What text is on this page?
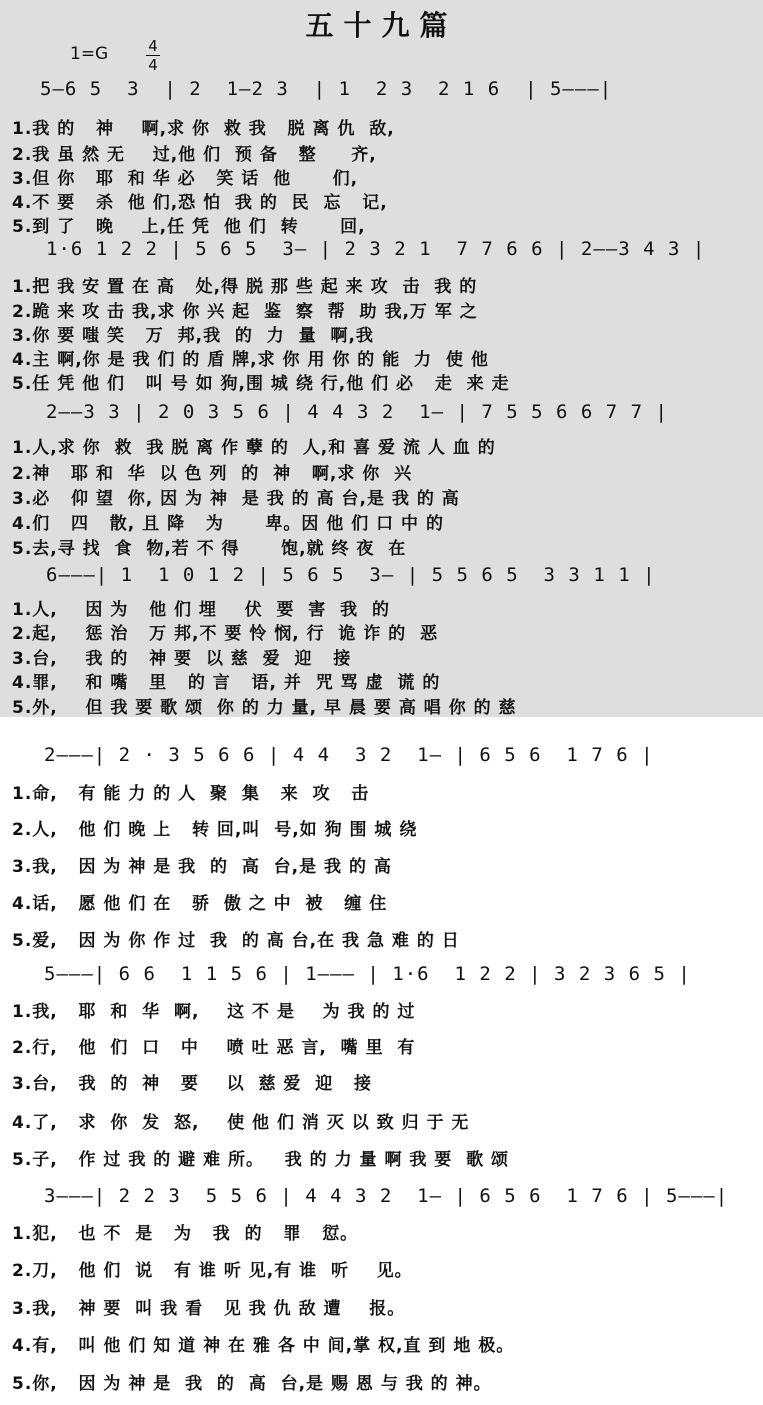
五十九篇
1=G	4
4
5—6 5  3  | 2  1—2 3  | 1  2 3  2 1 6  | 5———|
1.我 的   神    啊,求 你  救 我   脱 离 仇  敌,
2.我 虽 然 无    过,他 们  预 备   整     齐,
3.但 你   耶  和 华 必   笑 话  他      们,
4.不 要   杀  他 们,恐 怕  我 的  民  忘   记,
5.到 了   晚    上,任 凭  他 们  转      回,
1·6 1 2 2 | 5 6 5  3— | 2 3 2 1  7 7 6 6 | 2——3 4 3 |
1.把 我 安 置 在 高   处,得 脱 那 些 起 来 攻  击  我 的
2.跪 来 攻 击 我,求 你 兴 起  鉴  察  帮  助 我,万 军 之
3.你 要 嗤 笑   万  邦,我  的  力  量  啊,我
4.主 啊,你 是 我 们 的 盾 牌,求 你 用 你 的 能  力  使 他
5.任 凭 他 们   叫 号 如 狗,围 城 绕 行,他 们 必   走  来 走
2——3 3 | 2 0 3 5 6 | 4 4 3 2  1— | 7 5 5 6 6 7 7 |
1.人,求 你  救  我 脱 离 作 孽 的  人,和 喜 爱 流 人 血 的
2.神   耶 和  华  以 色 列  的  神   啊,求 你  兴
3.必   仰 望  你, 因 为 神  是 我 的 高 台,是 我 的 高
4.们   四   散, 且 降   为      卑。因 他 们 口 中 的
5.去,寻 找  食  物,若 不 得      饱,就 终 夜  在
6———| 1  1 0 1 2 | 5 6 5  3— | 5 5 6 5  3 3 1 1 |
1.人,    因 为   他 们 埋    伏  要  害  我  的
2.起,    惩 治   万 邦,不 要 怜 悯, 行  诡 诈 的  恶
3.台,    我 的   神 要  以 慈  爱  迎   接
4.罪,    和 嘴   里   的 言   语, 并  咒 骂 虚  谎 的
5.外,    但 我 要 歌 颂  你 的 力 量, 早 晨 要 高 唱 你 的 慈
2———| 2 · 3 5 6 6 | 4 4  3 2  1— | 6 5 6  1 7 6 |
1.命,   有 能 力 的 人  聚  集   来  攻   击
2.人,   他 们 晚 上   转 回,叫  号,如 狗 围 城 绕
3.我,   因 为 神 是 我  的  高  台,是 我 的 高
4.话,   愿 他 们 在   骄  傲 之 中  被   缠 住
5.爱,   因 为 你 作 过  我  的 高 台,在 我 急 难 的 日
5———| 6 6  1 1 5 6 | 1——— | 1·6  1 2 2 | 3 2 3 6 5 |
1.我,   耶  和  华  啊,    这 不 是    为 我 的 过
2.行,   他  们  口   中    喷 吐 恶 言,  嘴 里  有
3.台,   我  的  神   要    以  慈 爱  迎   接
4.了,   求  你  发  怒,    使 他 们 消 灭 以 致 归 于 无
5.子,   作 过 我 的 避 难 所。   我 的 力 量 啊 我 要  歌 颂
3———| 2 2 3  5 5 6 | 4 4 3 2  1— | 6 5 6  1 7 6 | 5———|
1.犯,   也 不  是   为   我  的   罪   愆。
2.刀,   他 们  说   有 谁 听 见,有 谁  听    见。
3.我,   神 要  叫 我 看   见 我 仇 敌 遭    报。
4.有,   叫 他 们 知 道 神 在 雅 各 中 间,掌 权,直 到 地 极。
5.你,   因 为 神 是  我  的  高  台,是 赐 恩 与 我 的 神。
